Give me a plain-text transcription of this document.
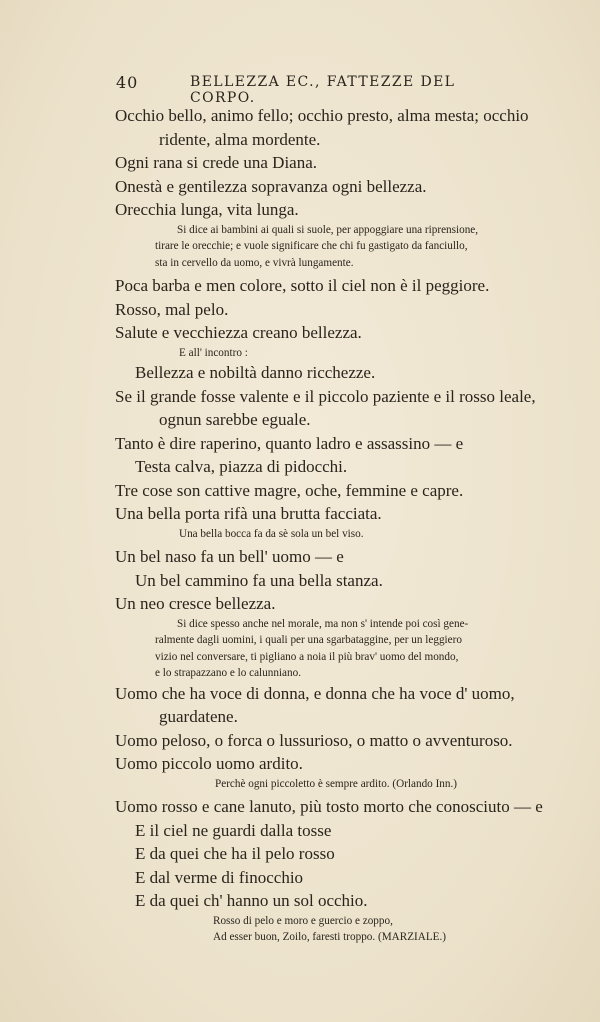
40	BELLEZZA EC., FATTEZZE DEL CORPO.
Occhio bello, animo fello; occhio presto, alma mesta; occhio
ridente, alma mordente.
Ogni rana si crede una Diana.
Onestà e gentilezza sopravanza ogni bellezza.
Orecchia lunga, vita lunga.
Si dice ai bambini ai quali si suole, per appoggiare una riprensione,
tirare le orecchie; e vuole significare che chi fu gastigato da fanciullo,
sta in cervello da uomo, e vivrà lungamente.
Poca barba e men colore, sotto il ciel non è il peggiore.
Rosso, mal pelo.
Salute e vecchiezza creano bellezza.
E all' incontro :
Bellezza e nobiltà danno ricchezze.
Se il grande fosse valente e il piccolo paziente e il rosso leale,
ognun sarebbe eguale.
Tanto è dire raperino, quanto ladro e assassino — e
Testa calva, piazza di pidocchi.
Tre cose son cattive magre, oche, femmine e capre.
Una bella porta rifà una brutta facciata.
Una bella bocca fa da sè sola un bel viso.
Un bel naso fa un bell' uomo — e
Un bel cammino fa una bella stanza.
Un neo cresce bellezza.
Si dice spesso anche nel morale, ma non s' intende poi così gene-
ralmente dagli uomini, i quali per una sgarbataggine, per un leggiero
vizio nel conversare, ti pigliano a noia il più brav' uomo del mondo,
e lo strapazzano e lo calunniano.
Uomo che ha voce di donna, e donna che ha voce d' uomo,
guardatene.
Uomo peloso, o forca o lussurioso, o matto o avventuroso.
Uomo piccolo uomo ardito.
Perchè ogni piccoletto è sempre ardito. (Orlando Inn.)
Uomo rosso e cane lanuto, più tosto morto che conosciuto — e
E il ciel ne guardi dalla tosse
E da quei che ha il pelo rosso
E dal verme di finocchio
E da quei ch' hanno un sol occhio.
Rosso di pelo e moro e guercio e zoppo,
Ad esser buon, Zoilo, faresti troppo. (MARZIALE.)
